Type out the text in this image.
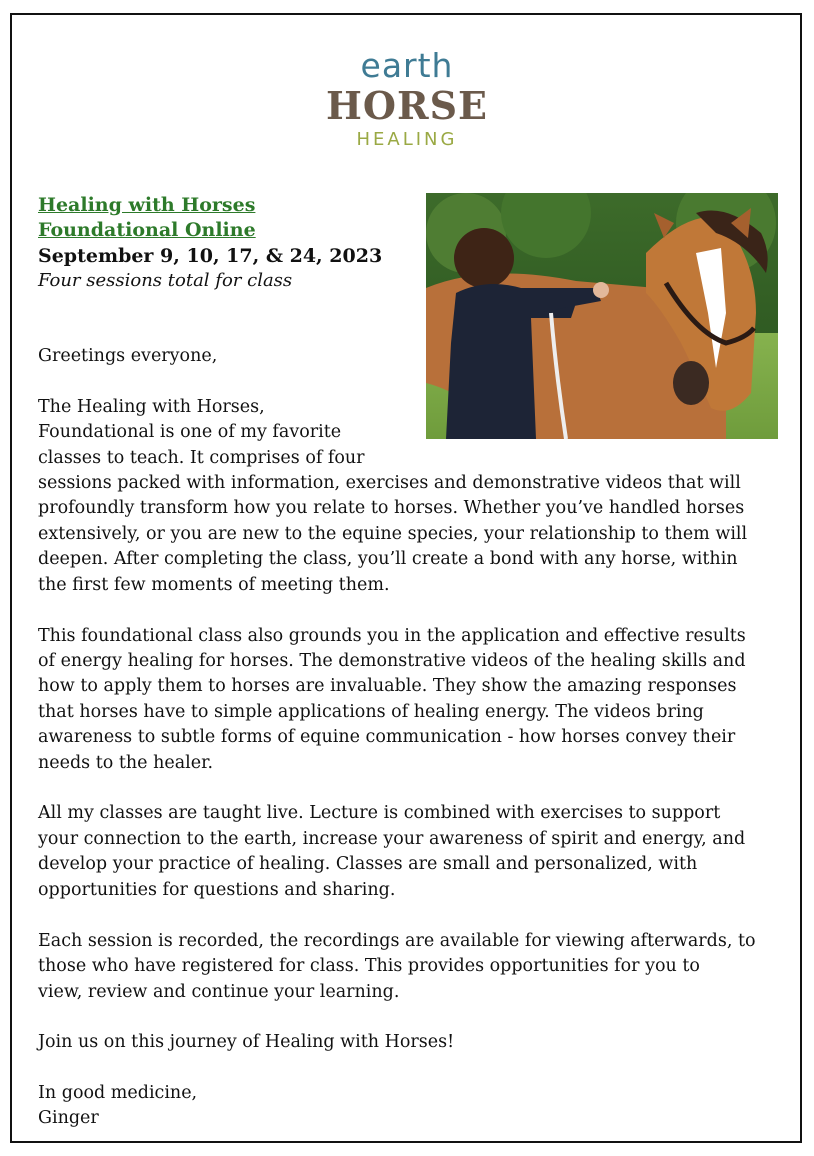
earth
HORSE
HEALING
Healing with Horses
Foundational Online
September 9, 10, 17, & 24, 2023
Four sessions total for class
Greetings everyone,
The Healing with Horses,
Foundational is one of my favorite
classes to teach. It comprises of four
sessions packed with information, exercises and demonstrative videos that will
profoundly transform how you relate to horses. Whether you’ve handled horses
extensively, or you are new to the equine species, your relationship to them will
deepen. After completing the class, you’ll create a bond with any horse, within
the first few moments of meeting them.
This foundational class also grounds you in the application and effective results
of energy healing for horses. The demonstrative videos of the healing skills and
how to apply them to horses are invaluable. They show the amazing responses
that horses have to simple applications of healing energy. The videos bring
awareness to subtle forms of equine communication - how horses convey their
needs to the healer.
All my classes are taught live. Lecture is combined with exercises to support
your connection to the earth, increase your awareness of spirit and energy, and
develop your practice of healing. Classes are small and personalized, with
opportunities for questions and sharing.
Each session is recorded, the recordings are available for viewing afterwards, to
those who have registered for class. This provides opportunities for you to
view, review and continue your learning.
Join us on this journey of Healing with Horses!
In good medicine,
Ginger
